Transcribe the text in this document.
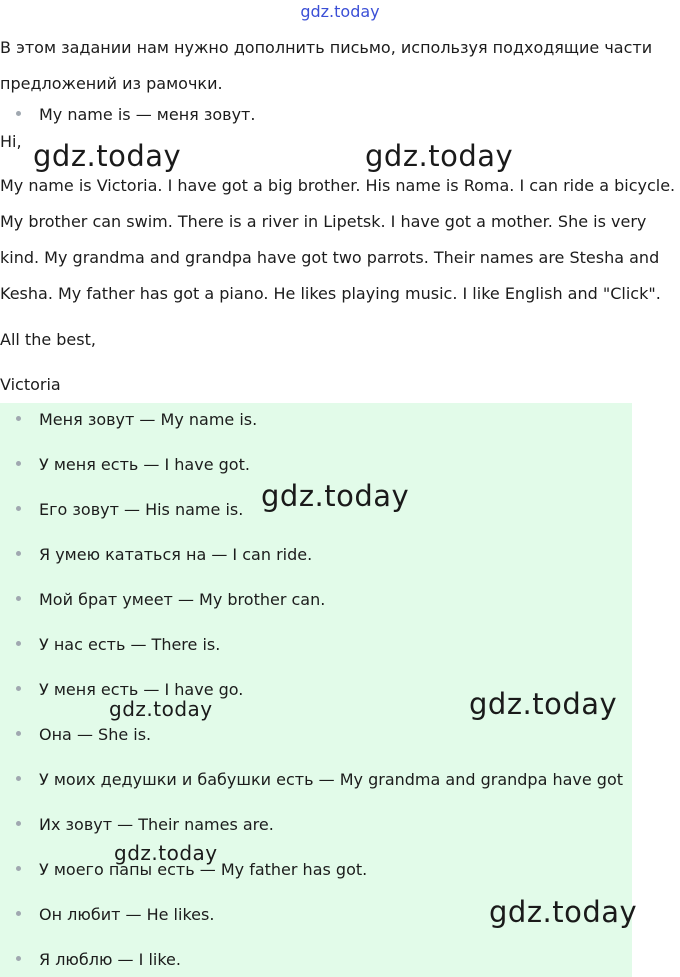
gdz.today
В этом задании нам нужно дополнить письмо, используя подходящие части предложений из рамочки.
My name is — меня зовут.
Hi,
My name is Victoria. I have got a big brother. His name is Roma. I can ride a bicycle. My brother can swim. There is a river in Lipetsk. I have got a mother. She is very kind. My grandma and grandpa have got two parrots. Their names are Stesha and Kesha. My father has got a piano. He likes playing music. I like English and "Click".
All the best,
Victoria
Меня зовут — My name is.
У меня есть — I have got.
Его зовут — His name is.
Я умею кататься на — I can ride.
Мой брат умеет — My brother can.
У нас есть — There is.
У меня есть — I have go.
Она — She is.
У моих дедушки и бабушки есть — My grandma and grandpa have got
Их зовут — Their names are.
У моего папы есть — My father has got.
Он любит — He likes.
Я люблю — I like.
gdz.today	gdz.today
gdz.today
gdz.today	gdz.today
gdz.today
gdz.today
